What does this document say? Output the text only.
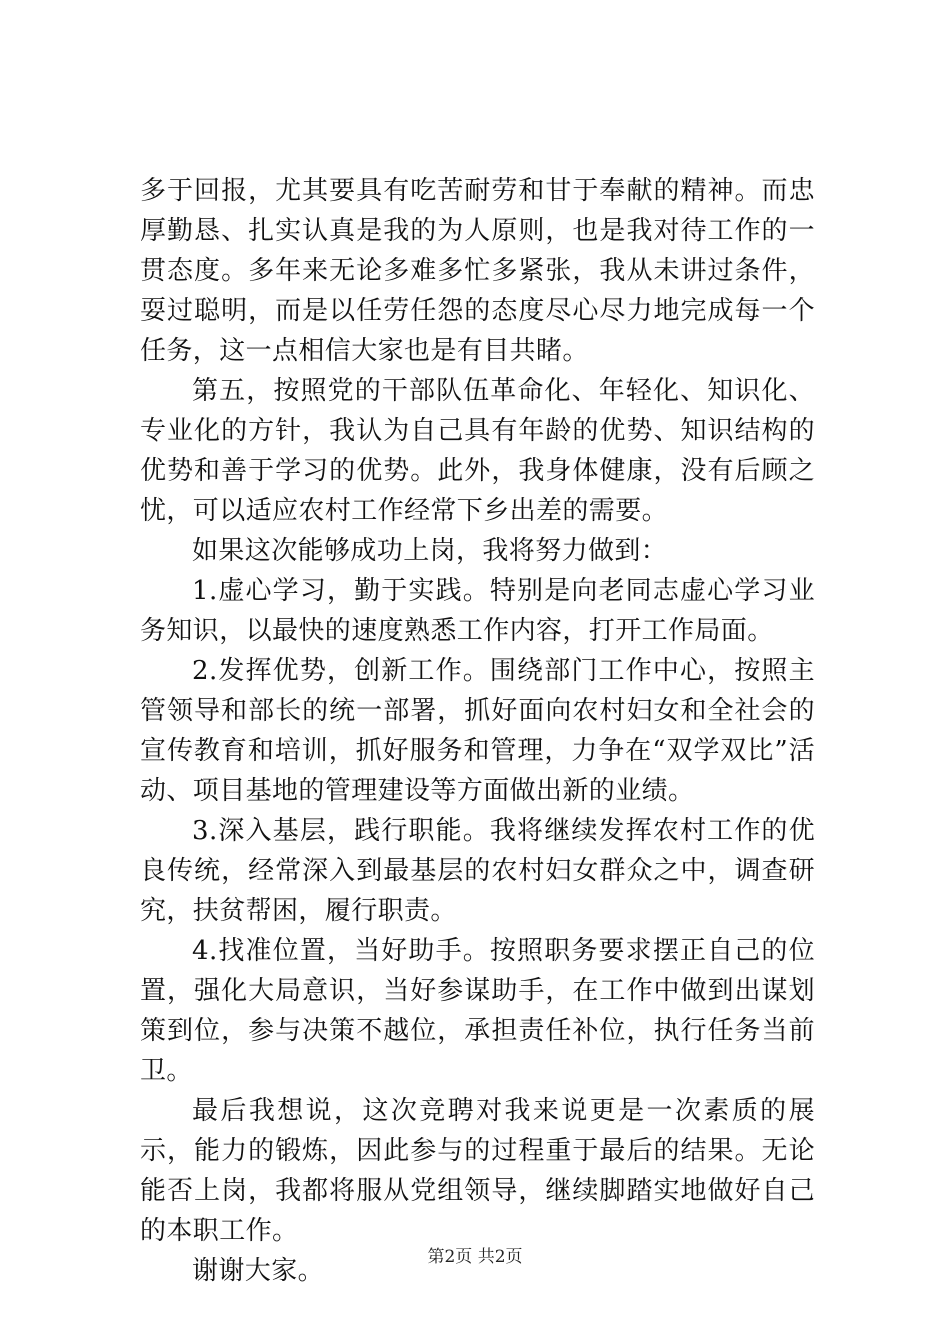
多于回报，尤其要具有吃苦耐劳和甘于奉献的精神。而忠厚勤恳、扎实认真是我的为人原则，也是我对待工作的一贯态度。多年来无论多难多忙多紧张，我从未讲过条件，耍过聪明，而是以任劳任怨的态度尽心尽力地完成每一个任务，这一点相信大家也是有目共睹。

第五，按照党的干部队伍革命化、年轻化、知识化、专业化的方针，我认为自己具有年龄的优势、知识结构的优势和善于学习的优势。此外，我身体健康，没有后顾之忧，可以适应农村工作经常下乡出差的需要。

如果这次能够成功上岗，我将努力做到：

1.虚心学习，勤于实践。特别是向老同志虚心学习业务知识，以最快的速度熟悉工作内容，打开工作局面。

2.发挥优势，创新工作。围绕部门工作中心，按照主管领导和部长的统一部署，抓好面向农村妇女和全社会的宣传教育和培训，抓好服务和管理，力争在“双学双比”活动、项目基地的管理建设等方面做出新的业绩。

3.深入基层，践行职能。我将继续发挥农村工作的优良传统，经常深入到最基层的农村妇女群众之中，调查研究，扶贫帮困，履行职责。

4.找准位置，当好助手。按照职务要求摆正自己的位置，强化大局意识，当好参谋助手，在工作中做到出谋划策到位，参与决策不越位，承担责任补位，执行任务当前卫。

最后我想说，这次竞聘对我来说更是一次素质的展示，能力的锻炼，因此参与的过程重于最后的结果。无论能否上岗，我都将服从党组领导，继续脚踏实地做好自己的本职工作。

谢谢大家。	第2页 共2页
